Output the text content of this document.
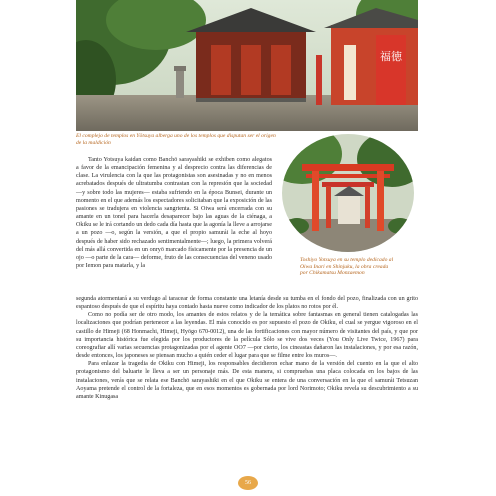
福徳
El complejo de templos en Yōtsuya alberga uno de los templos que disputan ser el origen de la maldición
Toshiyo Yotsuya en su templo dedicado al Oiwa Inari en Shinjuku, la obra creada por Chikamatsu Monzaemon

Tanto Yotsuya kaidan como Banchō sarayashiki se exhiben como alegatos a favor de la emancipación femenina y al desprecio contra las diferencias de clase. La virulencia con la que las protagonistas son asesinadas y no en menos acrebatados después de ultratumba contrastan con la represión que la sociedad —y sobre todo las mujeres— estaba sufriendo en la época Bunsei, durante un momento en el que además los espectadores solicitaban que la exposición de las pasiones se tradujera en violencia sangrienta. Si Oiwa será encerrada con su amante en un tonel para hacerla desaparecer bajo las aguas de la ciénaga, a Okiku se le irá cortando un dedo cada día hasta que la agonía la lleve a arrojarse a un pozo —o, según la versión, a que el propio samurái la eche al hoyo después de haber sido rechazado sentimentalmente—; luego, la primera volverá del más allá convertida en un onryō marcado físicamente por la presencia de un ojo —o parte de la cara— deforme, fruto de las consecuencias del veneno usado por Iemon para matarla, y la

segunda atormentará a su verdugo al taracear de forma constante una letanía desde su tumba en el fondo del pozo, finalizada con un grito espantoso después de que el espíritu haya contado hasta nueve como indicador de los platos no rotos por él.

Como no podía ser de otro modo, los amantes de estos relatos y de la temática sobre fantasmas en general tienen catalogadas las localizaciones que podrían pertenecer a las leyendas. El más conocido es por supuesto el pozo de Okiku, el cual se yergue vigoroso en el castillo de Himeji (68 Honmachi, Himeji, Hyōgo 670-0012), una de las fortificaciones con mayor número de visitantes del país, y que por su importancia histórica fue elegida por los productores de la película Sólo se vive dos veces (You Only Live Twice, 1967) para coreografiar allí varias secuencias protagonizadas por el agente OO7 —por cierto, los cineastas dañaron las instalaciones, y por esa razón, desde entonces, los japoneses se piensan mucho a quién ceder el lugar para que se filme entre los muros—.

Para enlazar la tragedia de Okiku con Himeji, los responsables decidieron echar mano de la versión del cuento en la que el alto protagonismo del baluarte le lleva a ser un personaje más. De esta manera, si compruebas una placa colocada en los bajos de las instalaciones, verás que se relata ese Banchō sarayashiki en el que Okiku se entera de una conversación en la que el samurái Tetsuzan Aoyama pretende el control de la fortaleza, que en esos momentos es gobernada por lord Norimoto; Okiku revela su descubrimiento a su amante Kinugasa

56
